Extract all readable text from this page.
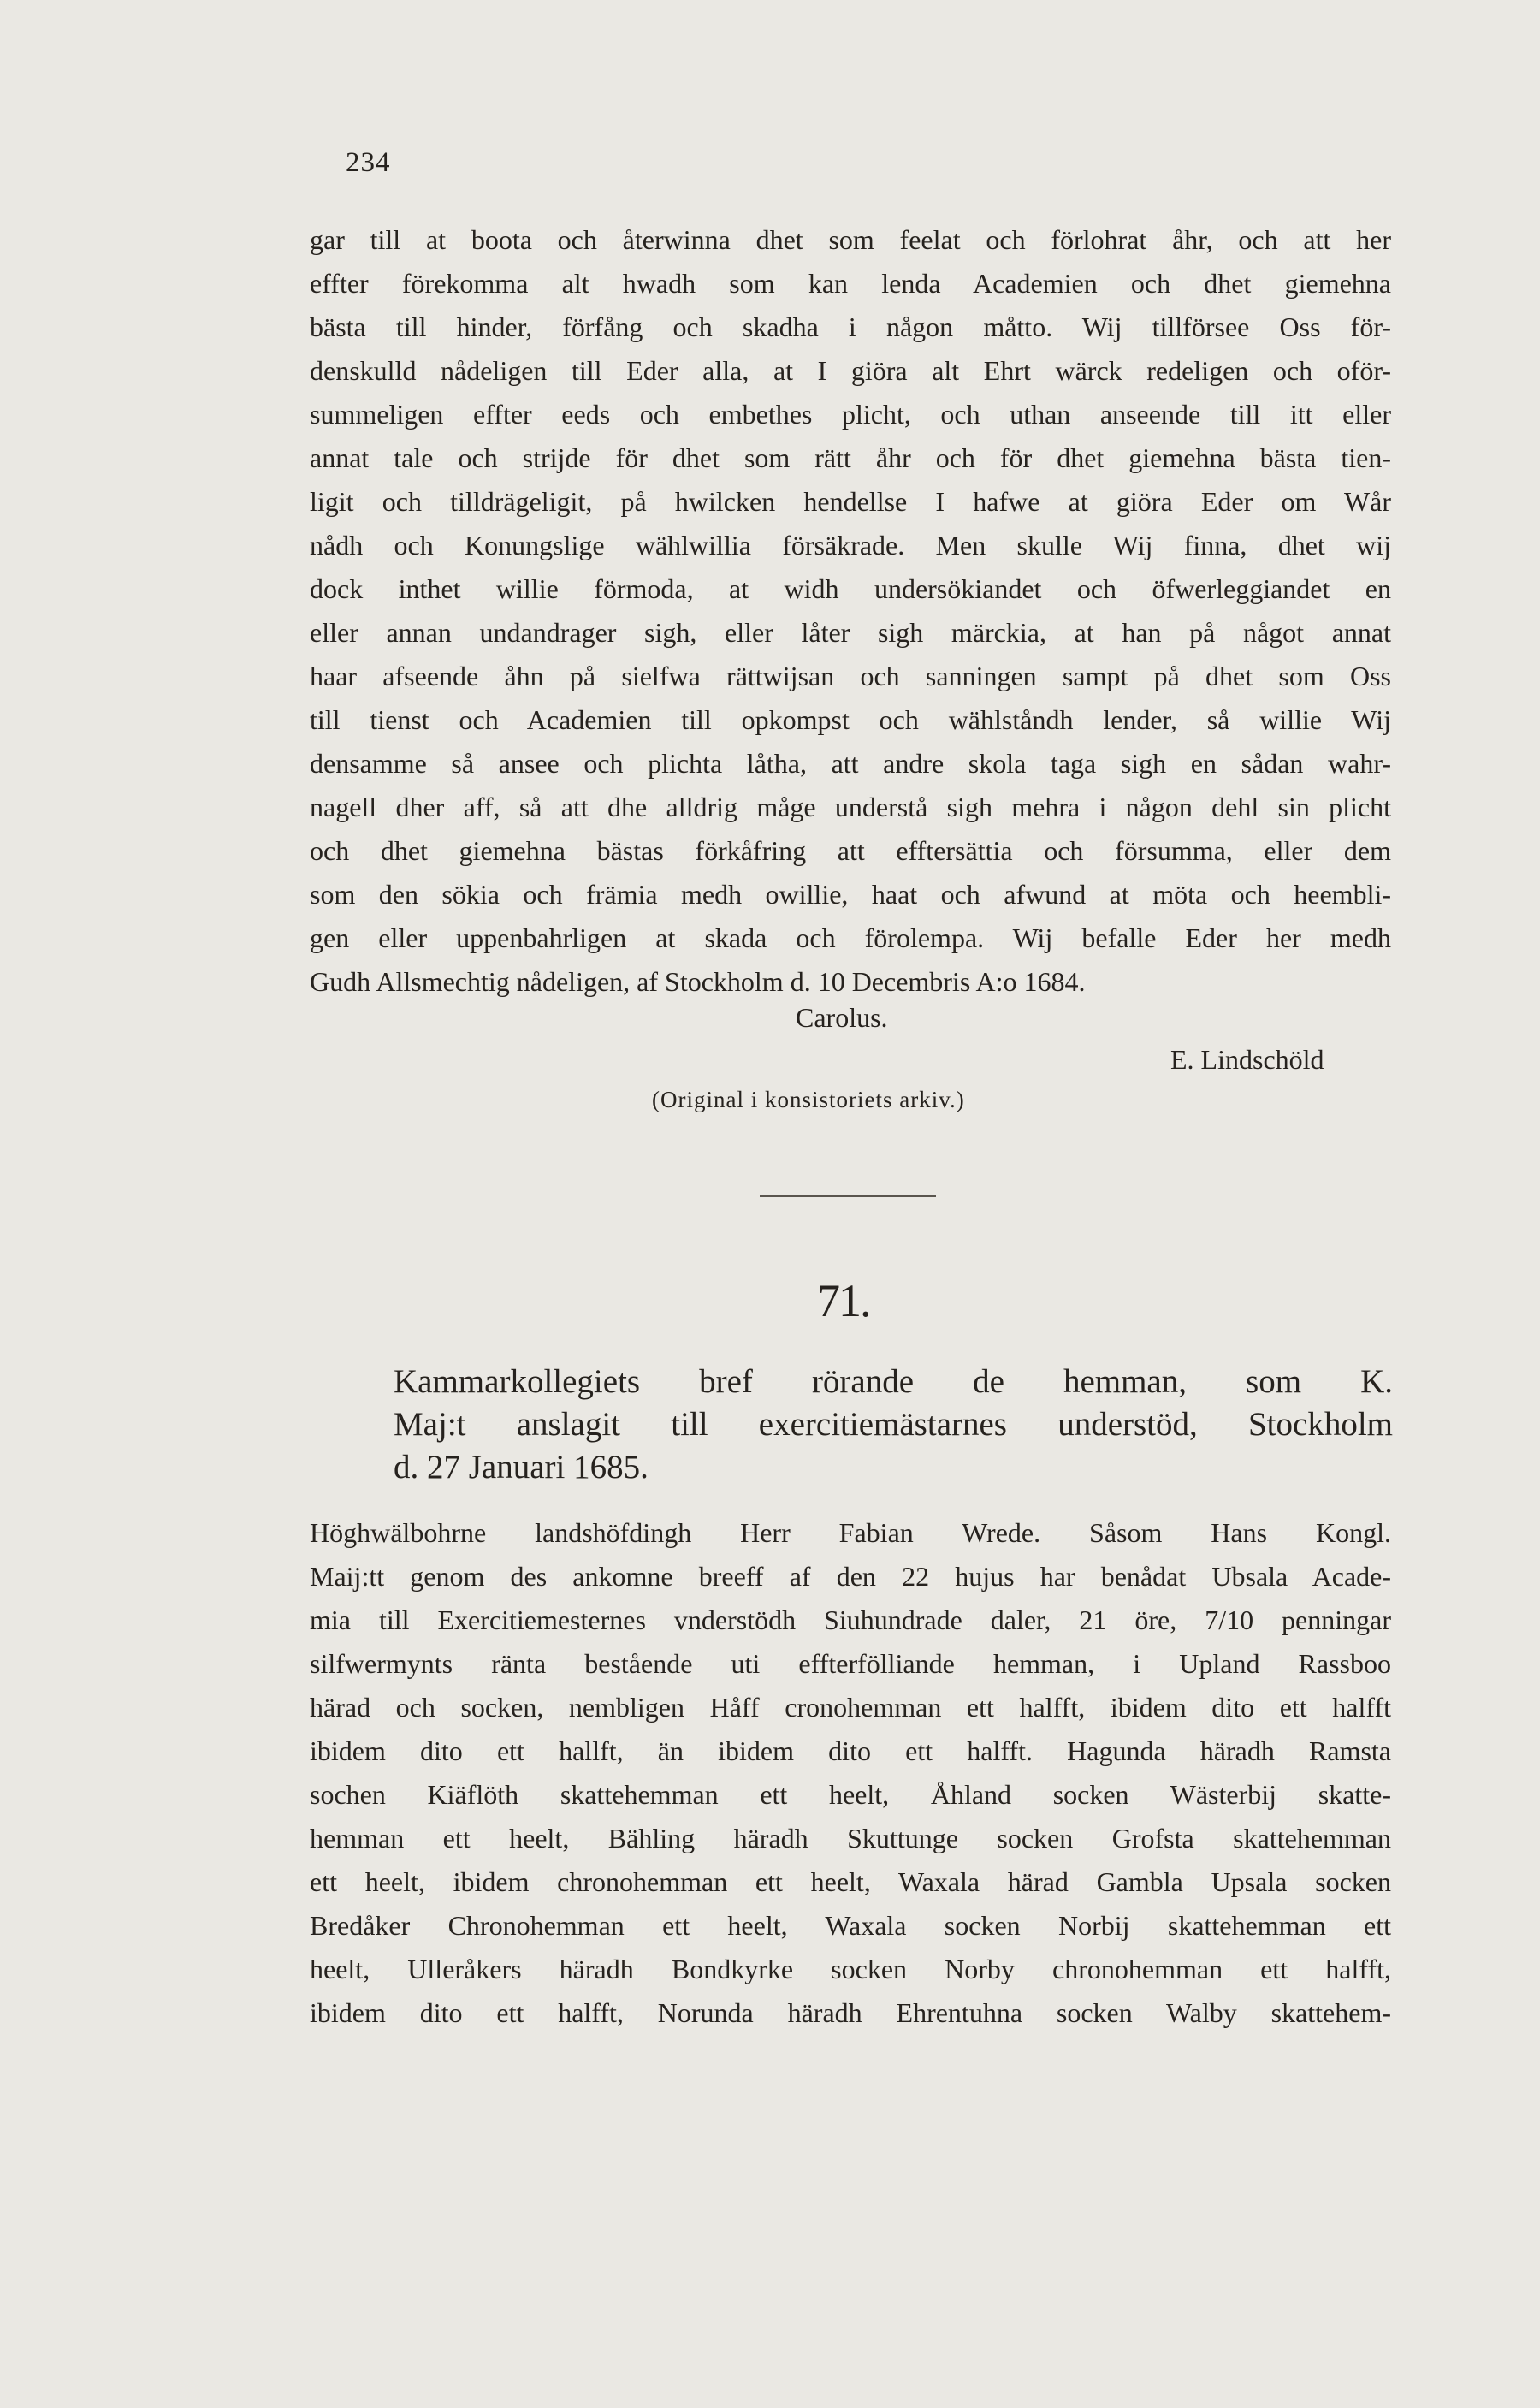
234
gar till at boota och återwinna dhet som feelat och förlohrat åhr, och att her
effter förekomma alt hwadh som kan lenda Academien och dhet giemehna
bästa till hinder, förfång och skadha i någon måtto. Wij tillförsee Oss för-
denskulld nådeligen till Eder alla, at I giöra alt Ehrt wärck redeligen och oför-
summeligen effter eeds och embethes plicht, och uthan anseende till itt eller
annat tale och strijde för dhet som rätt åhr och för dhet giemehna bästa tien-
ligit och tilldrägeligit, på hwilcken hendellse I hafwe at giöra Eder om Wår
nådh och Konungslige wählwillia försäkrade. Men skulle Wij finna, dhet wij
dock inthet willie förmoda, at widh undersökiandet och öfwerleggiandet en
eller annan undandrager sigh, eller låter sigh märckia, at han på något annat
haar afseende åhn på sielfwa rättwijsan och sanningen sampt på dhet som Oss
till tienst och Academien till opkompst och wählståndh lender, så willie Wij
densamme så ansee och plichta låtha, att andre skola taga sigh en sådan wahr-
nagell dher aff, så att dhe alldrig måge understå sigh mehra i någon dehl sin plicht
och dhet giemehna bästas förkåfring att efftersättia och försumma, eller dem
som den sökia och främia medh owillie, haat och afwund at möta och heembli-
gen eller uppenbahrligen at skada och förolempa. Wij befalle Eder her medh
Gudh Allsmechtig nådeligen, af Stockholm d. 10 Decembris A:o 1684.
Carolus.
E. Lindschöld
(Original i konsistoriets arkiv.)
71.
Kammarkollegiets bref rörande de hemman, som K.
Maj:t anslagit till exercitiemästarnes understöd, Stockholm
d. 27 Januari 1685.
Höghwälbohrne landshöfdingh Herr Fabian Wrede. Såsom Hans Kongl.
Maij:tt genom des ankomne breeff af den 22 hujus har benådat Ubsala Acade-
mia till Exercitiemesternes vnderstödh Siuhundrade daler, 21 öre, 7/10 penningar
silfwermynts ränta bestående uti effterfölliande hemman, i Upland Rassboo
härad och socken, nembligen Håff cronohemman ett halfft, ibidem dito ett halfft
ibidem dito ett hallft, än ibidem dito ett halfft. Hagunda häradh Ramsta
sochen Kiäflöth skattehemman ett heelt, Åhland socken Wästerbij skatte-
hemman ett heelt, Bähling häradh Skuttunge socken Grofsta skattehemman
ett heelt, ibidem chronohemman ett heelt, Waxala härad Gambla Upsala socken
Bredåker Chronohemman ett heelt, Waxala socken Norbij skattehemman ett
heelt, Ulleråkers häradh Bondkyrke socken Norby chronohemman ett halfft,
ibidem dito ett halfft, Norunda häradh Ehrentuhna socken Walby skattehem-
